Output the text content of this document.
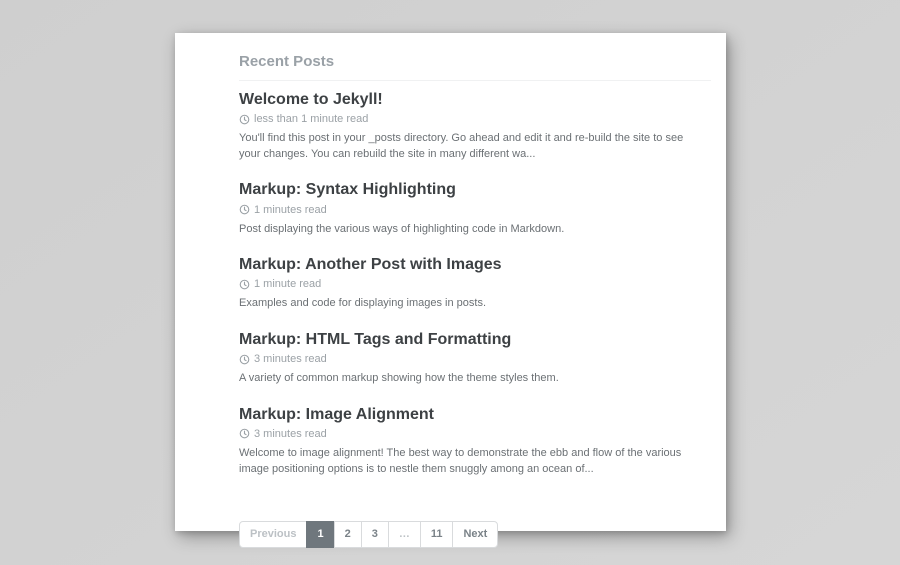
Recent Posts
Welcome to Jekyll!

less than 1 minute read

You'll find this post in your _posts directory. Go ahead and edit it and re-build the site to see your changes. You can rebuild the site in many different wa...

Markup: Syntax Highlighting

1 minutes read

Post displaying the various ways of highlighting code in Markdown.

Markup: Another Post with Images

1 minute read

Examples and code for displaying images in posts.

Markup: HTML Tags and Formatting

3 minutes read

A variety of common markup showing how the theme styles them.

Markup: Image Alignment

3 minutes read

Welcome to image alignment! The best way to demonstrate the ebb and flow of the various image positioning options is to nestle them snuggly among an ocean of...

Previous	1	2	3	…	11	Next
